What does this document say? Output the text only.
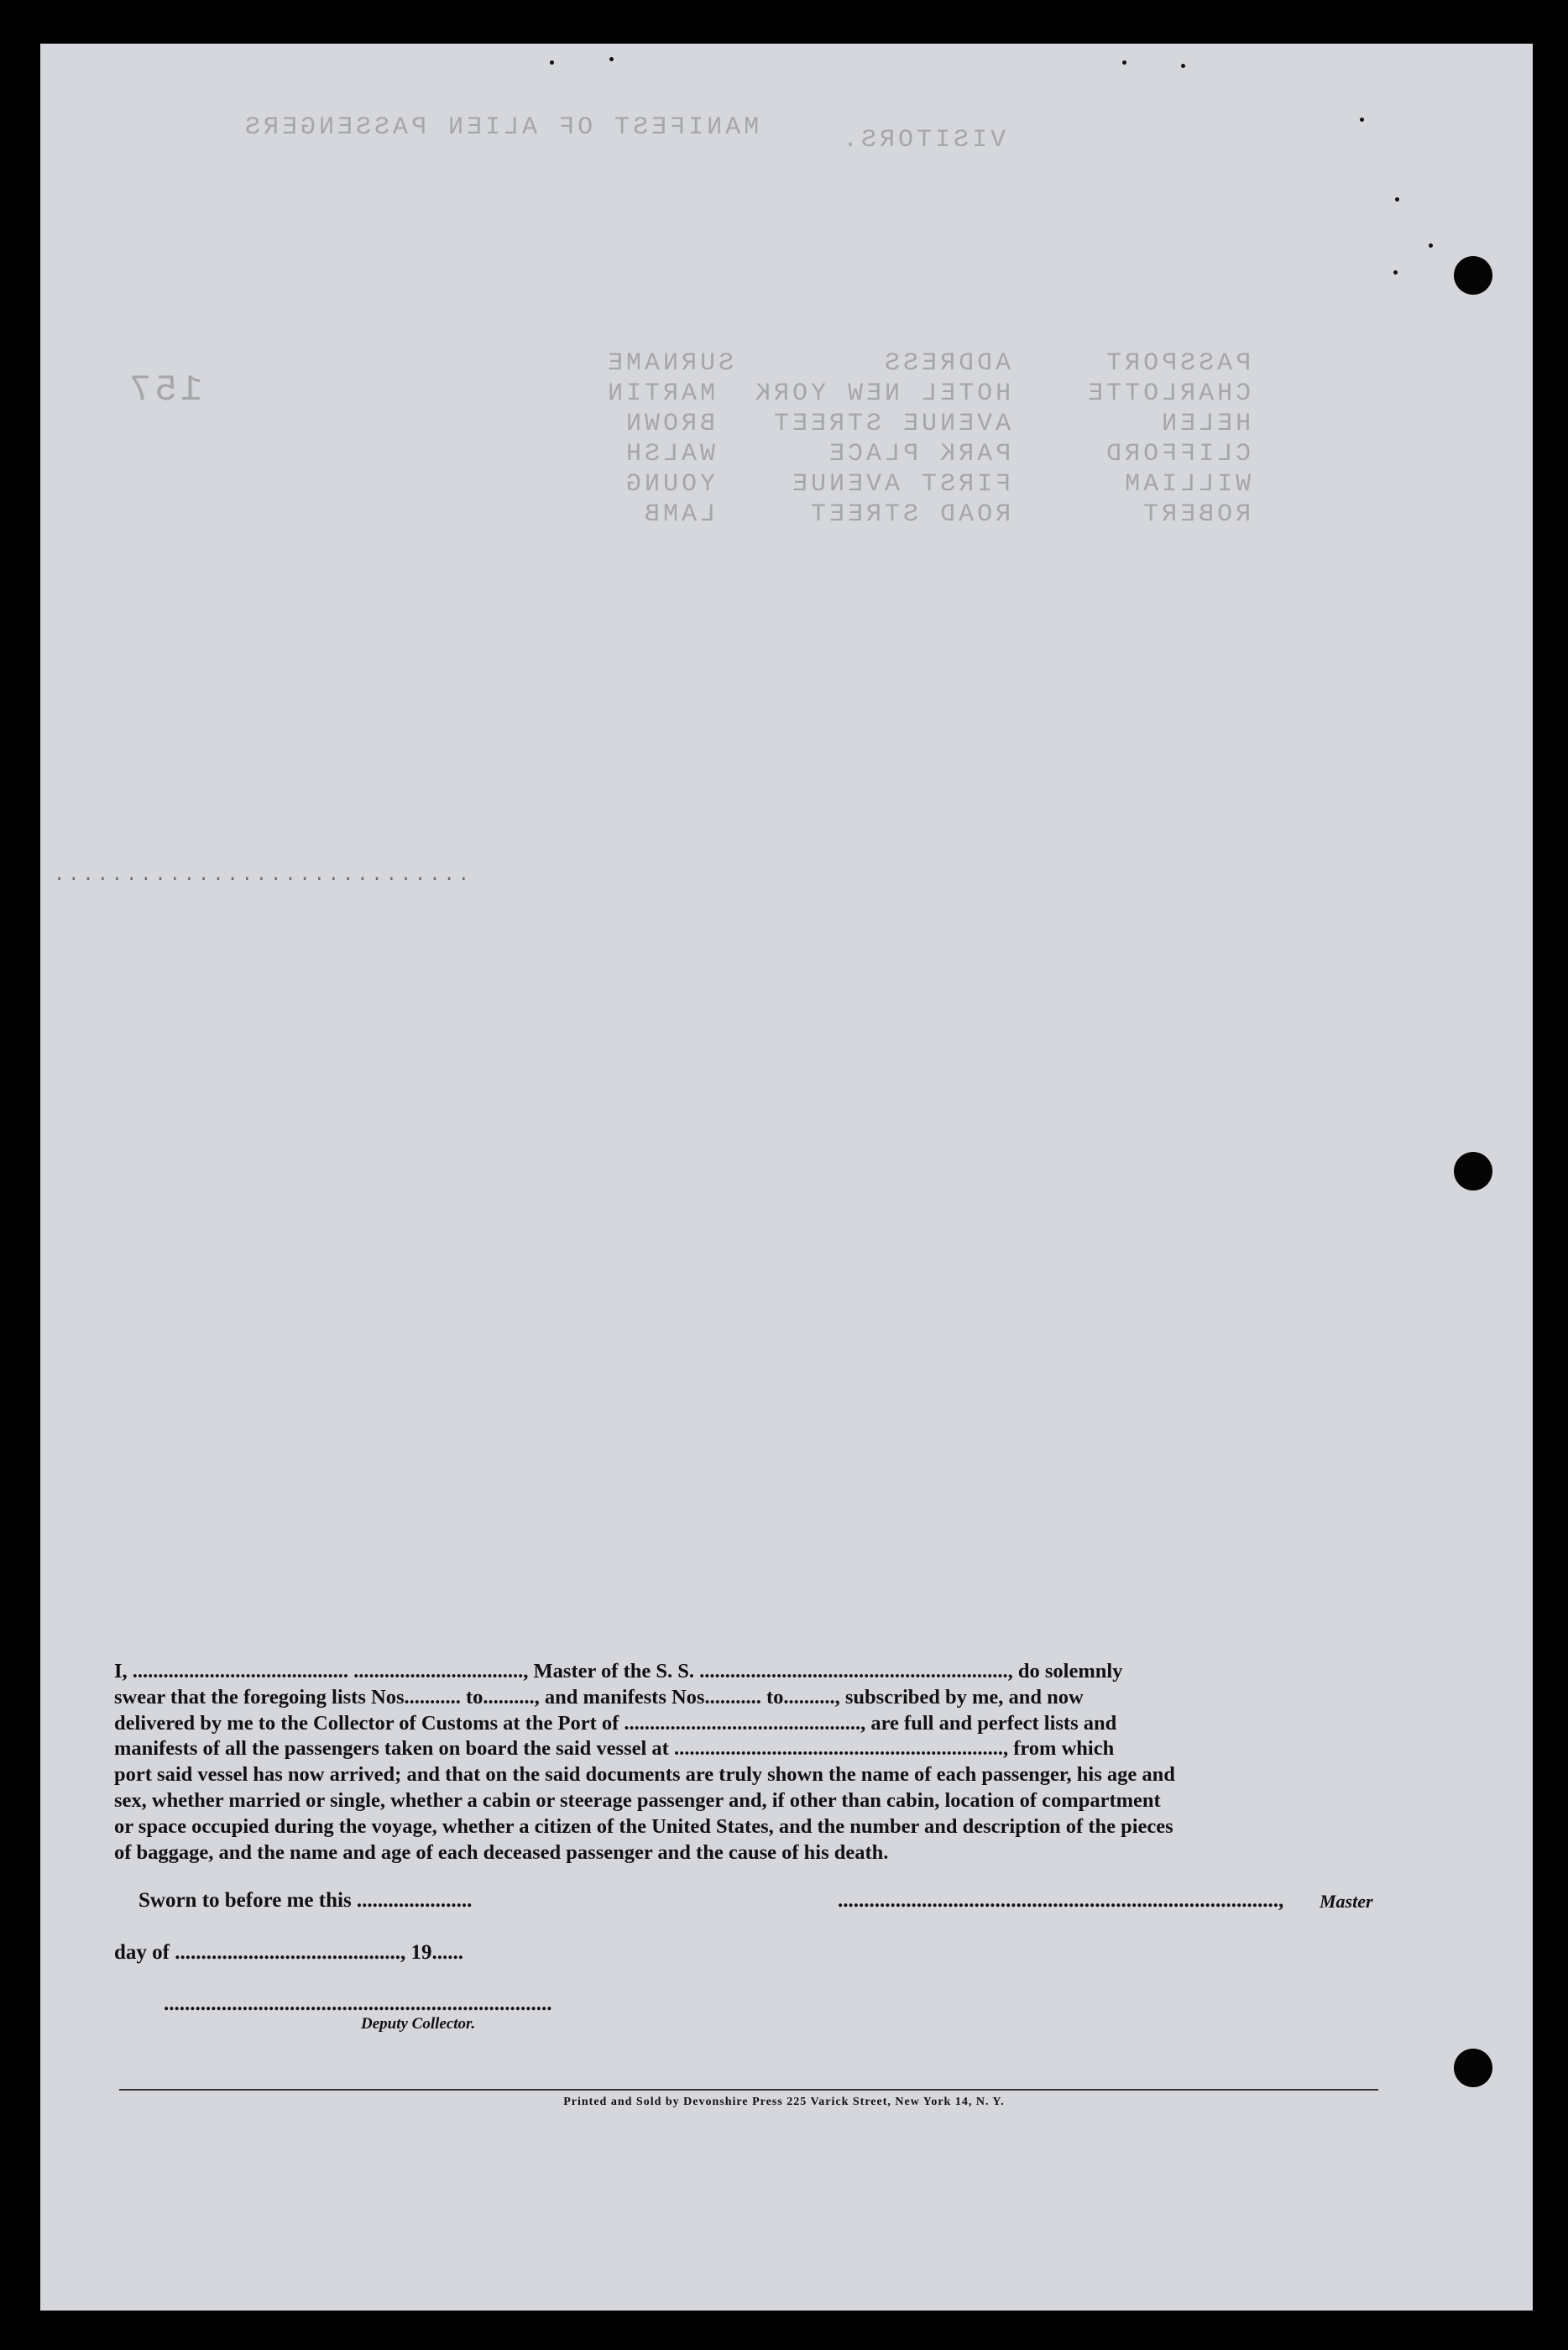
MANIFEST OF ALIEN PASSENGERS	VISITORS.
157
PASSPORT     ADDRESS        SURNAME
CHARLOTTE    HOTEL NEW YORK  MARTIN
HELEN        AVENUE STREET   BROWN
CLIFFORD     PARK PLACE      WALSH
WILLIAM      FIRST AVENUE    YOUNG
ROBERT       ROAD STREET     LAMB
.............................
I, .......................................... ................................., Master of the S. S. ............................................................, do solemnly
swear that the foregoing lists Nos........... to.........., and manifests Nos........... to.........., subscribed by me, and now
delivered by me to the Collector of Customs at the Port of .............................................., are full and perfect lists and
manifests of all the passengers taken on board the said vessel at ................................................................, from which
port said vessel has now arrived; and that on the said documents are truly shown the name of each passenger, his age and
sex, whether married or single, whether a cabin or steerage passenger and, if other than cabin, location of compartment
or space occupied during the voyage, whether a citizen of the United States, and the number and description of the pieces
of baggage, and the name and age of each deceased passenger and the cause of his death.
Sworn to before me this ......................	...................................................................................., Master
day of ..........................................., 19......
..........................................................................
Deputy Collector.
Printed and Sold by Devonshire Press 225 Varick Street, New York 14, N. Y.
